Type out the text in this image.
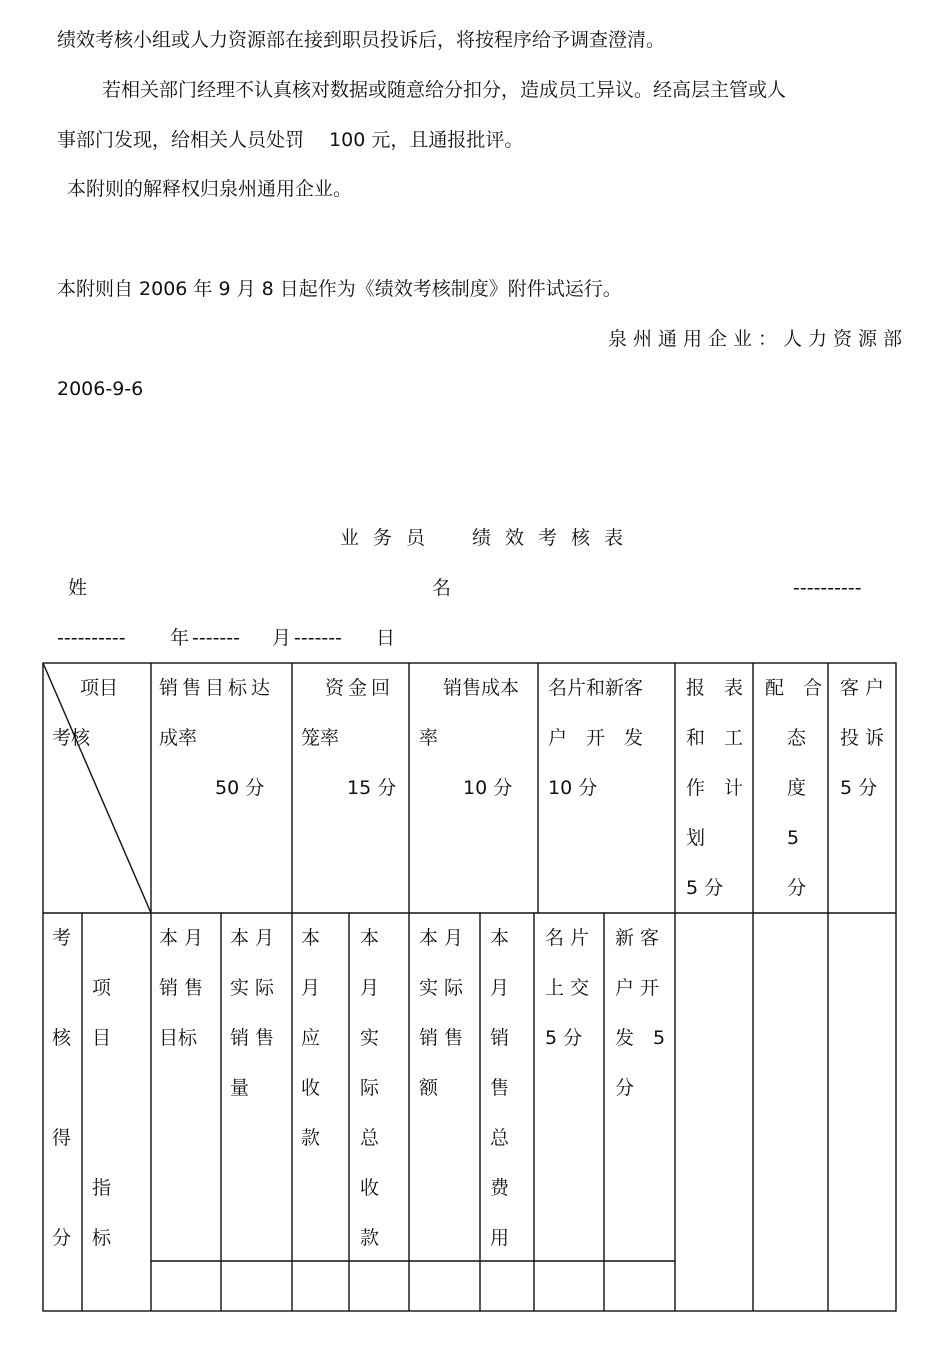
绩效考核小组或人力资源部在接到职员投诉后，将按程序给予调查澄清。
若相关部门经理不认真核对数据或随意给分扣分，造成员工异议。经高层主管或人
事部门发现，给相关人员处罚　 100 元，且通报批评。
本附则的解释权归泉州通用企业。
本附则自 2006 年 9 月 8 日起作为《绩效考核制度》附件试运行。
泉州通用企业：人力资源部
2006-9-6
业务员　绩效考核表
姓	名	----------
---------- 年 ------- 月 ------- 日
项目
考核
销售目标达
成率
50 分
资金回
笼率
15 分
销售成本
率
10 分
名片和新客
户　开　发
10 分
报　表
和　工
作　计
划
5 分
配　合
态
度
5
分
客 户
投 诉
5 分
考
核
得
分
项
目
指
标
本 月
销 售
目标
本 月
实 际
销 售
量
本
月
应
收
款
本
月
实
际
总
收
款
本 月
实 际
销 售
额
本
月
销
售
总
费
用
名 片
上 交
5 分
新 客
户 开
发　5
分
